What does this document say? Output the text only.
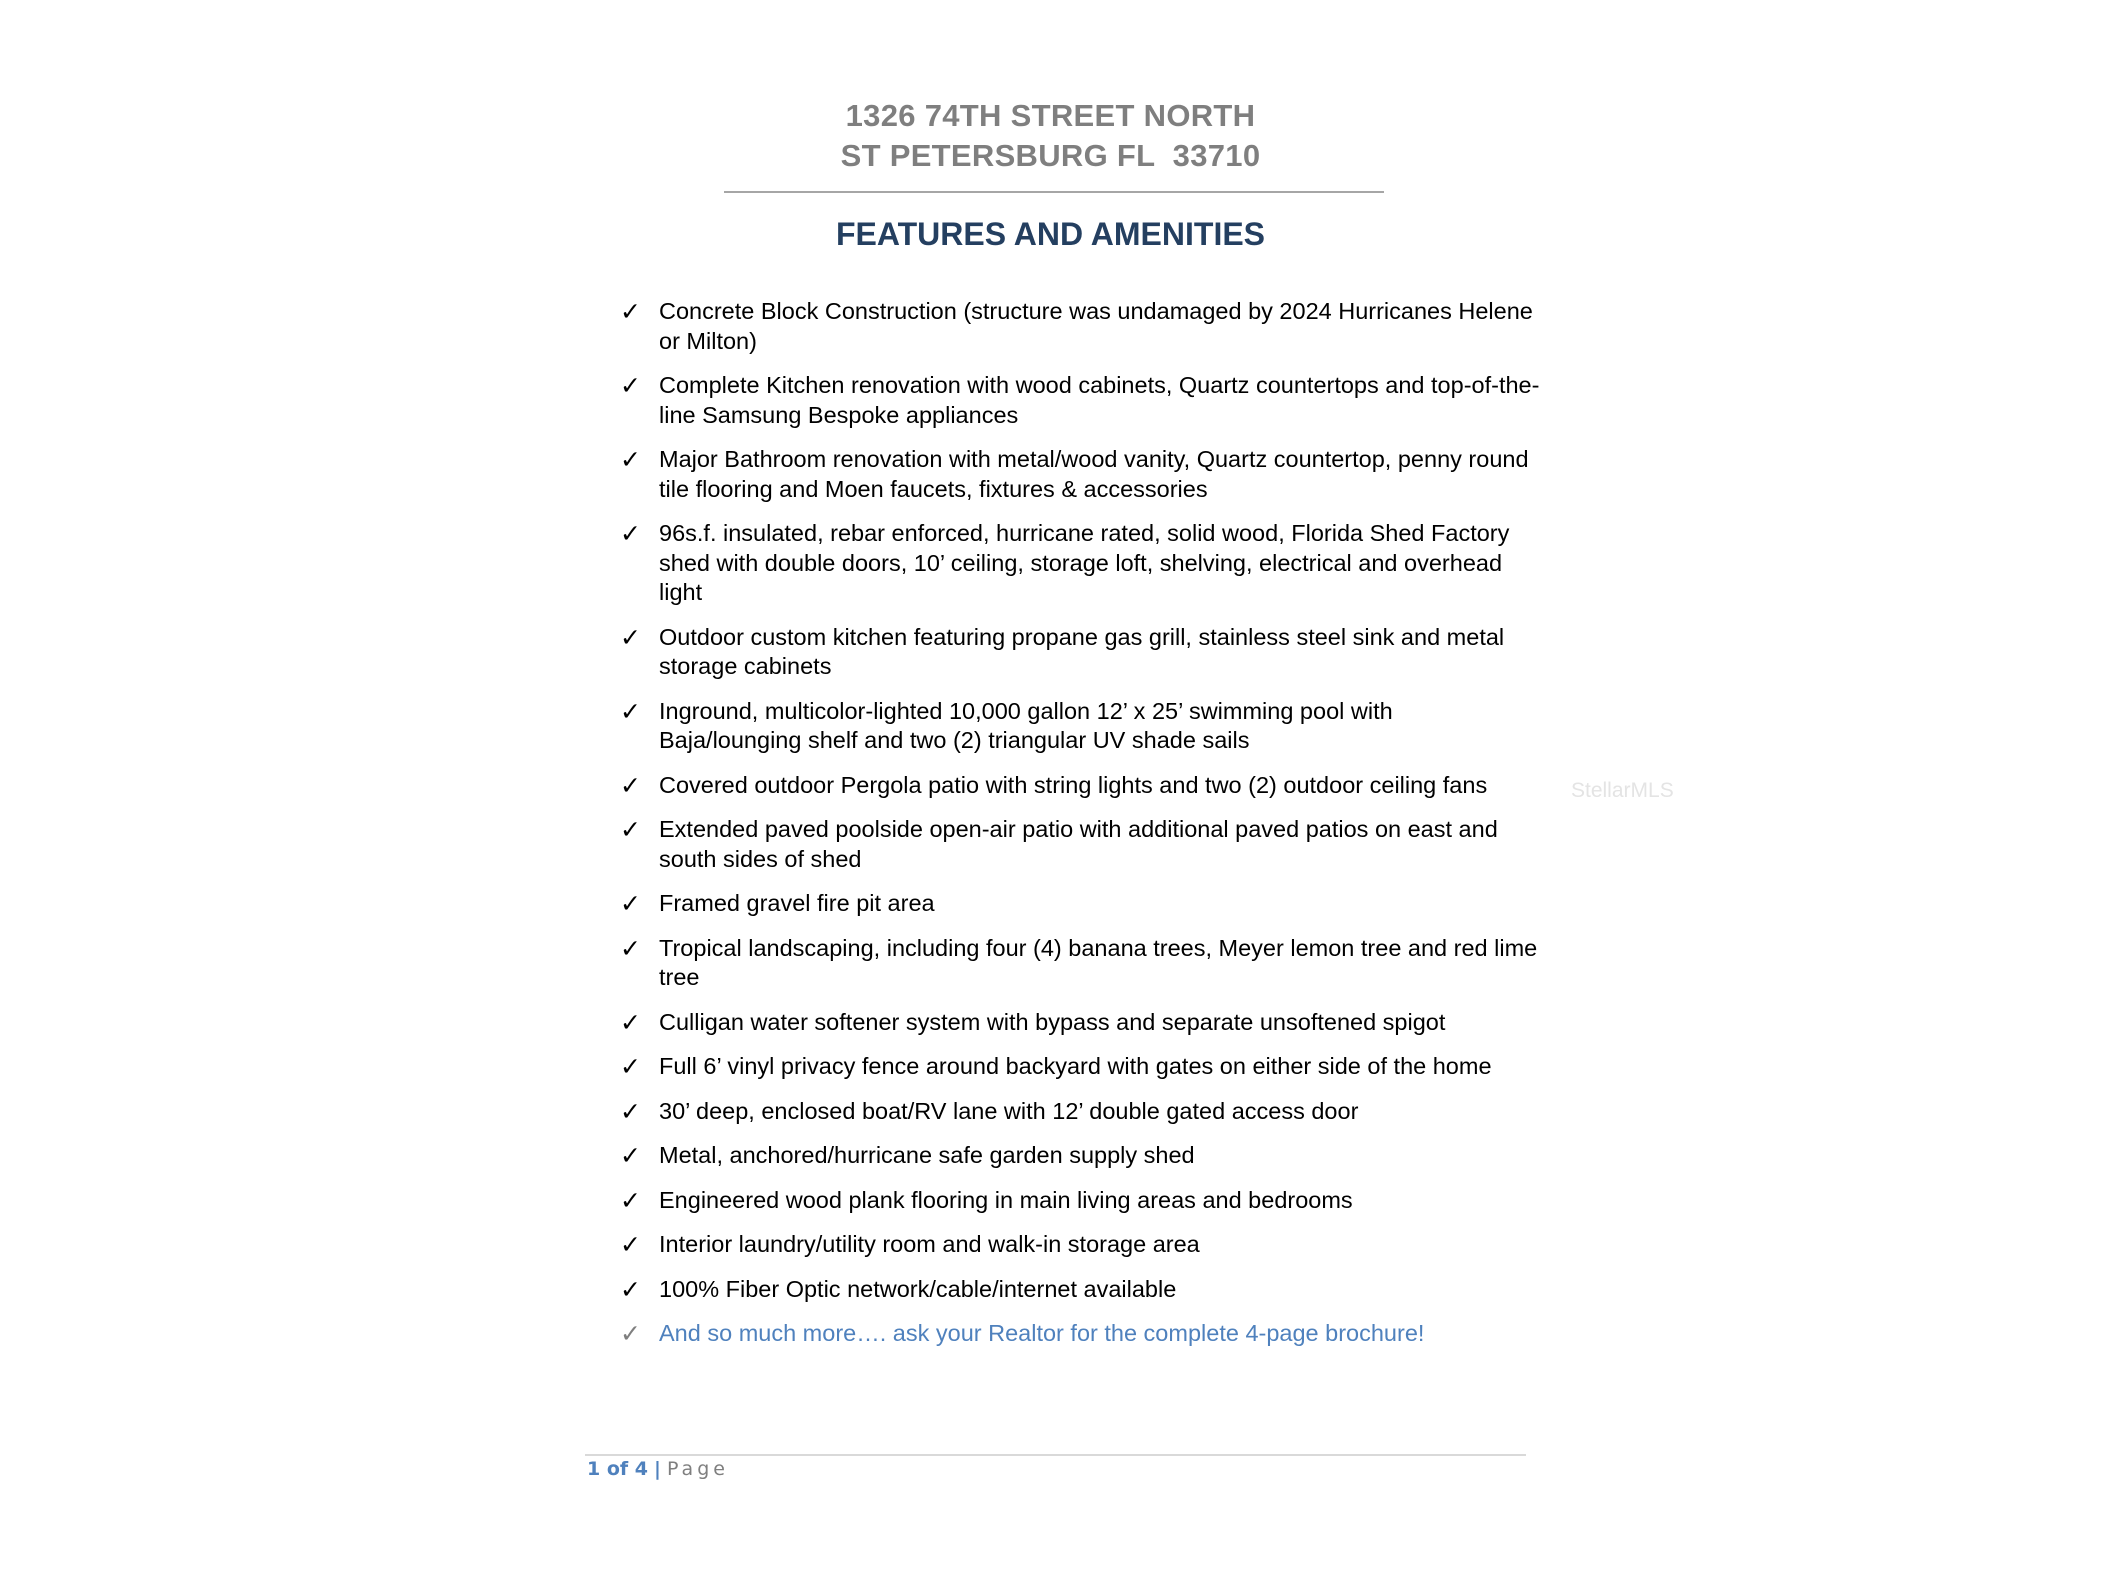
1326 74TH STREET NORTH
ST PETERSBURG FL  33710
FEATURES AND AMENITIES
✓ Concrete Block Construction (structure was undamaged by 2024 Hurricanes Helene or Milton)
✓ Complete Kitchen renovation with wood cabinets, Quartz countertops and top-of-the-line Samsung Bespoke appliances
✓ Major Bathroom renovation with metal/wood vanity, Quartz countertop, penny round tile flooring and Moen faucets, fixtures & accessories
✓ 96s.f. insulated, rebar enforced, hurricane rated, solid wood, Florida Shed Factory shed with double doors, 10’ ceiling, storage loft, shelving, electrical and overhead light
✓ Outdoor custom kitchen featuring propane gas grill, stainless steel sink and metal storage cabinets
✓ Inground, multicolor-lighted 10,000 gallon 12’ x 25’ swimming pool with Baja/lounging shelf and two (2) triangular UV shade sails
✓ Covered outdoor Pergola patio with string lights and two (2) outdoor ceiling fans
✓ Extended paved poolside open-air patio with additional paved patios on east and south sides of shed
✓ Framed gravel fire pit area
✓ Tropical landscaping, including four (4) banana trees, Meyer lemon tree and red lime tree
✓ Culligan water softener system with bypass and separate unsoftened spigot
✓ Full 6’ vinyl privacy fence around backyard with gates on either side of the home
✓ 30’ deep, enclosed boat/RV lane with 12’ double gated access door
✓ Metal, anchored/hurricane safe garden supply shed
✓ Engineered wood plank flooring in main living areas and bedrooms
✓ Interior laundry/utility room and walk-in storage area
✓ 100% Fiber Optic network/cable/internet available
✓ And so much more…. ask your Realtor for the complete 4-page brochure!
StellarMLS
1 of 4 | Page
